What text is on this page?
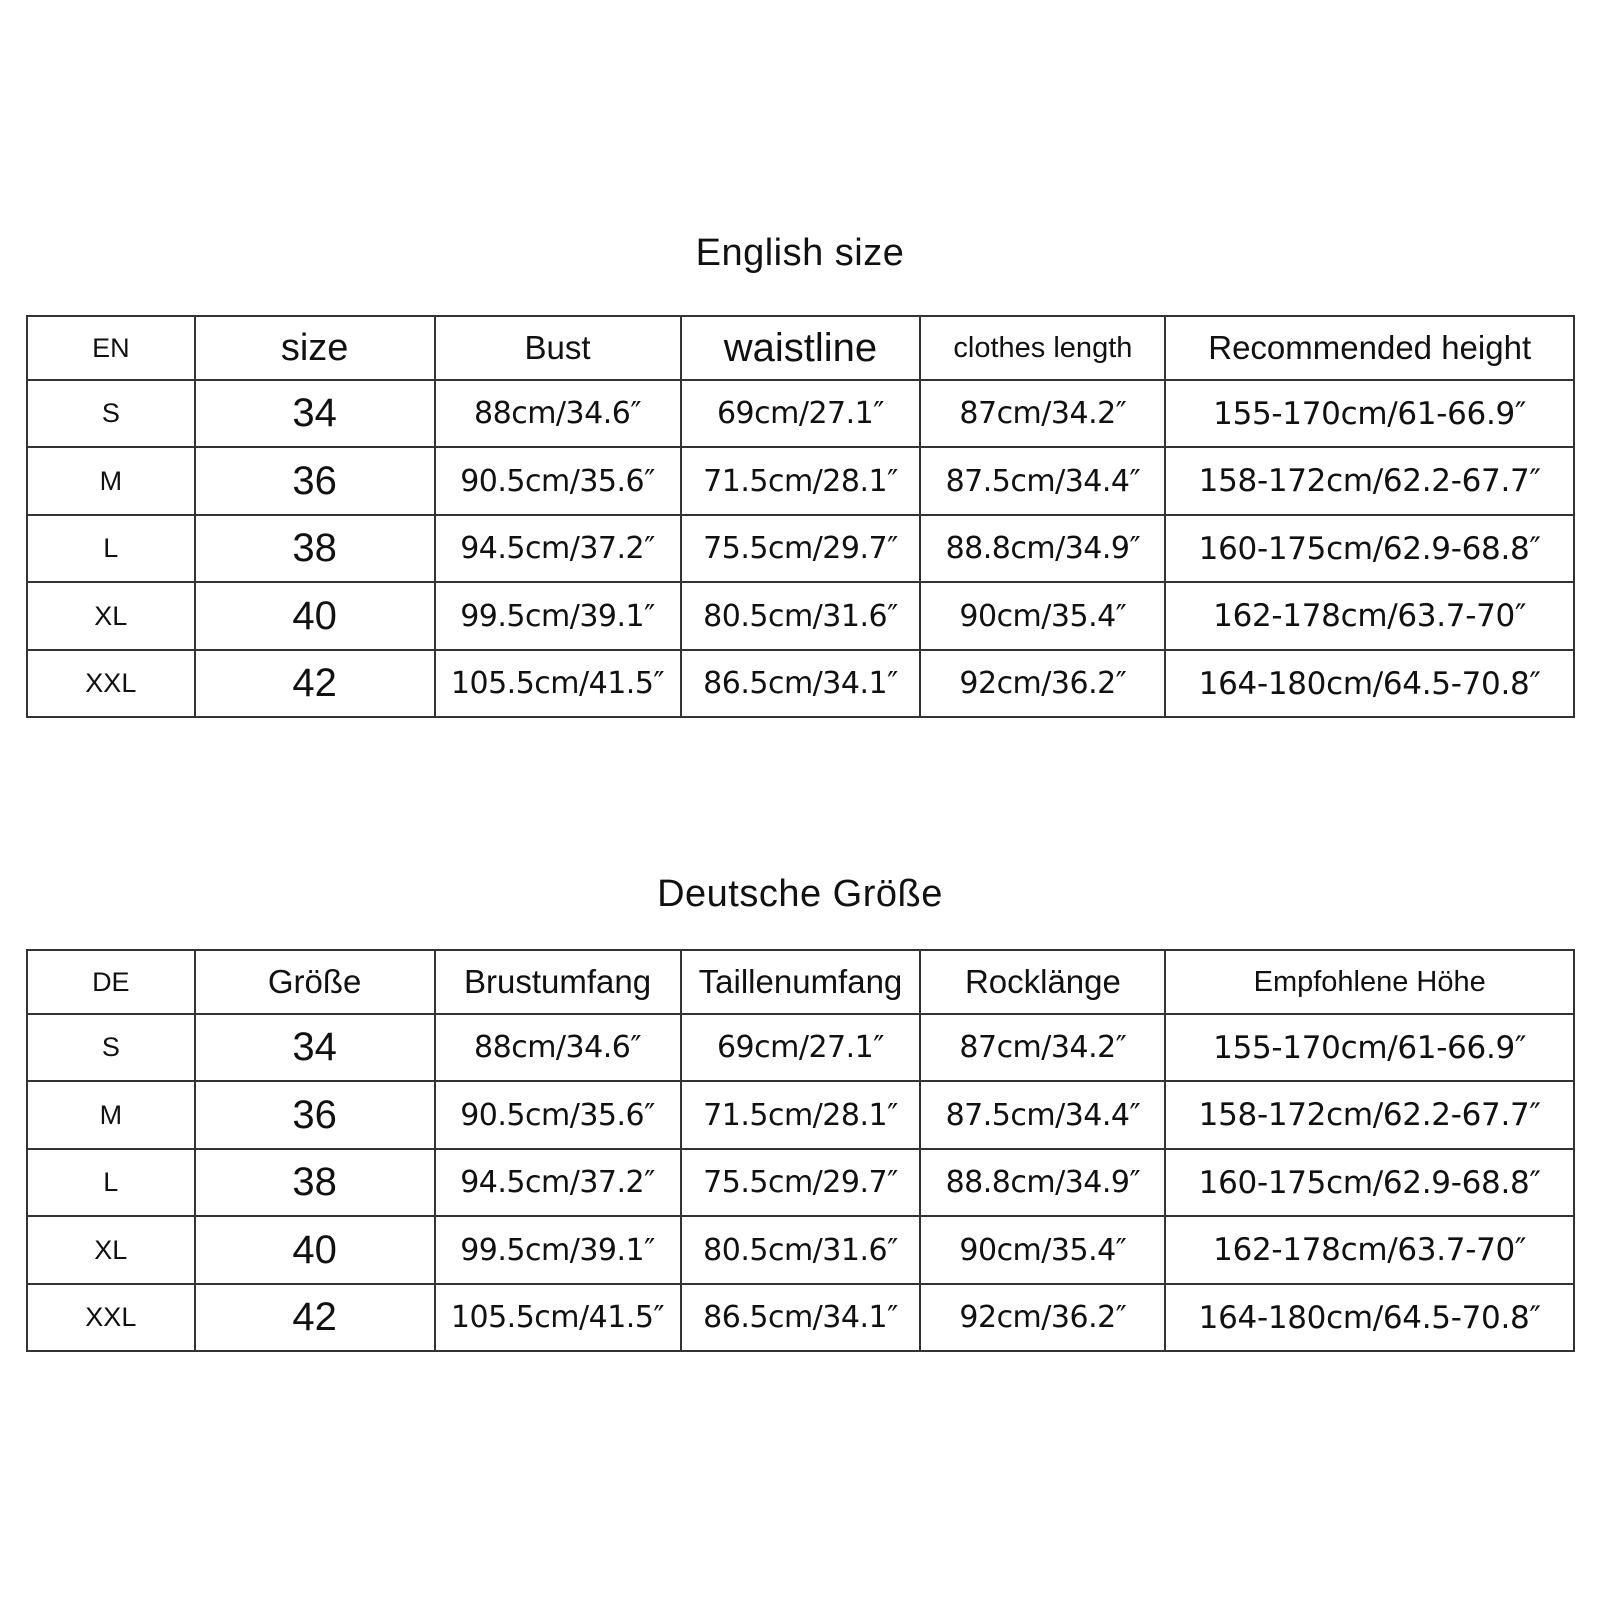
English size
EN	size	Bust	waistline	clothes length	Recommended height
S	34	88cm/34.6″	69cm/27.1″	87cm/34.2″	155-170cm/61-66.9″
M	36	90.5cm/35.6″	71.5cm/28.1″	87.5cm/34.4″	158-172cm/62.2-67.7″
L	38	94.5cm/37.2″	75.5cm/29.7″	88.8cm/34.9″	160-175cm/62.9-68.8″
XL	40	99.5cm/39.1″	80.5cm/31.6″	90cm/35.4″	162-178cm/63.7-70″
XXL	42	105.5cm/41.5″	86.5cm/34.1″	92cm/36.2″	164-180cm/64.5-70.8″
Deutsche Größe
DE	Größe	Brustumfang	Taillenumfang	Rocklänge	Empfohlene Höhe
S	34	88cm/34.6″	69cm/27.1″	87cm/34.2″	155-170cm/61-66.9″
M	36	90.5cm/35.6″	71.5cm/28.1″	87.5cm/34.4″	158-172cm/62.2-67.7″
L	38	94.5cm/37.2″	75.5cm/29.7″	88.8cm/34.9″	160-175cm/62.9-68.8″
XL	40	99.5cm/39.1″	80.5cm/31.6″	90cm/35.4″	162-178cm/63.7-70″
XXL	42	105.5cm/41.5″	86.5cm/34.1″	92cm/36.2″	164-180cm/64.5-70.8″
